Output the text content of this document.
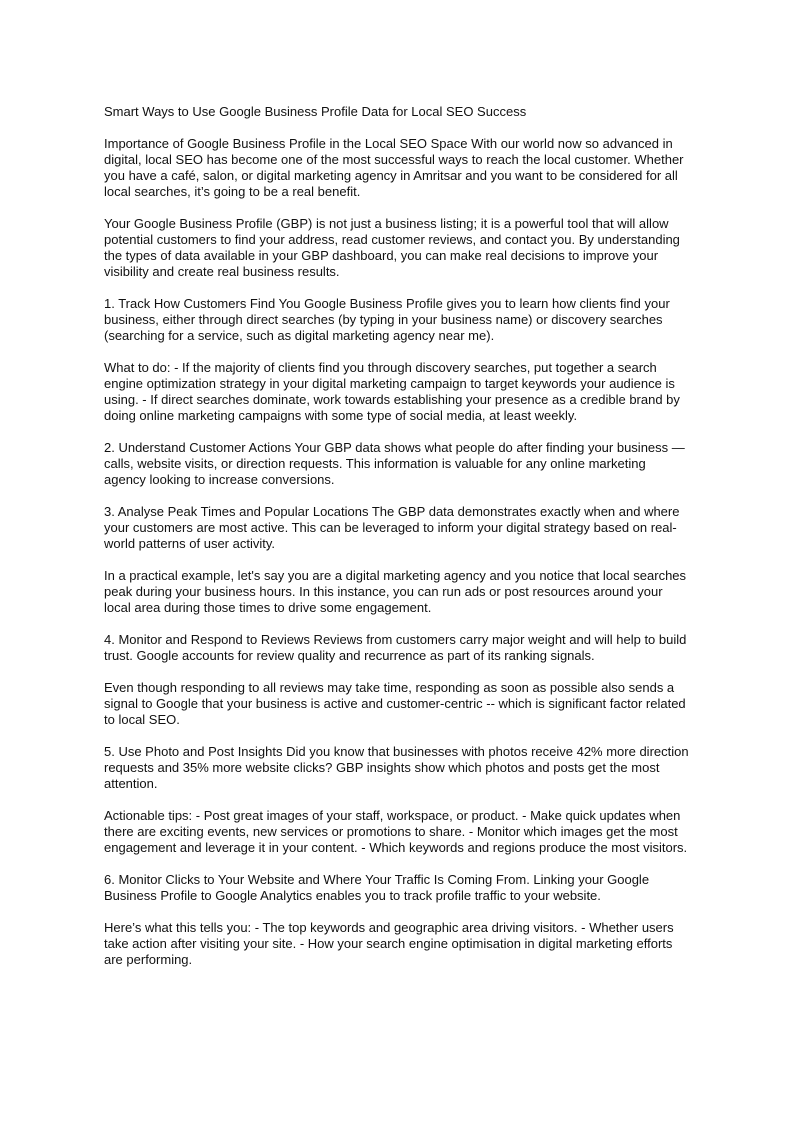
Smart Ways to Use Google Business Profile Data for Local SEO Success

Importance of Google Business Profile in the Local SEO Space With our world now so advanced in digital, local SEO has become one of the most successful ways to reach the local customer. Whether you have a café, salon, or digital marketing agency in Amritsar and you want to be considered for all local searches, it’s going to be a real benefit.

Your Google Business Profile (GBP) is not just a business listing; it is a powerful tool that will allow potential customers to find your address, read customer reviews, and contact you. By understanding the types of data available in your GBP dashboard, you can make real decisions to improve your visibility and create real business results.

1. Track How Customers Find You Google Business Profile gives you to learn how clients find your business, either through direct searches (by typing in your business name) or discovery searches (searching for a service, such as digital marketing agency near me).

What to do: - If the majority of clients find you through discovery searches, put together a search engine optimization strategy in your digital marketing campaign to target keywords your audience is using. - If direct searches dominate, work towards establishing your presence as a credible brand by doing online marketing campaigns with some type of social media, at least weekly.

2. Understand Customer Actions Your GBP data shows what people do after finding your business — calls, website visits, or direction requests. This information is valuable for any online marketing agency looking to increase conversions.

3. Analyse Peak Times and Popular Locations The GBP data demonstrates exactly when and where your customers are most active. This can be leveraged to inform your digital strategy based on real-world patterns of user activity.

In a practical example, let's say you are a digital marketing agency and you notice that local searches peak during your business hours. In this instance, you can run ads or post resources around your local area during those times to drive some engagement.

4. Monitor and Respond to Reviews Reviews from customers carry major weight and will help to build trust. Google accounts for review quality and recurrence as part of its ranking signals.

Even though responding to all reviews may take time, responding as soon as possible also sends a signal to Google that your business is active and customer-centric -- which is significant factor related to local SEO.

5. Use Photo and Post Insights Did you know that businesses with photos receive 42% more direction requests and 35% more website clicks? GBP insights show which photos and posts get the most attention.

Actionable tips: - Post great images of your staff, workspace, or product. - Make quick updates when there are exciting events, new services or promotions to share. - Monitor which images get the most engagement and leverage it in your content. - Which keywords and regions produce the most visitors.

6. Monitor Clicks to Your Website and Where Your Traffic Is Coming From. Linking your Google Business Profile to Google Analytics enables you to track profile traffic to your website.

Here’s what this tells you: - The top keywords and geographic area driving visitors. - Whether users take action after visiting your site. - How your search engine optimisation in digital marketing efforts are performing.
